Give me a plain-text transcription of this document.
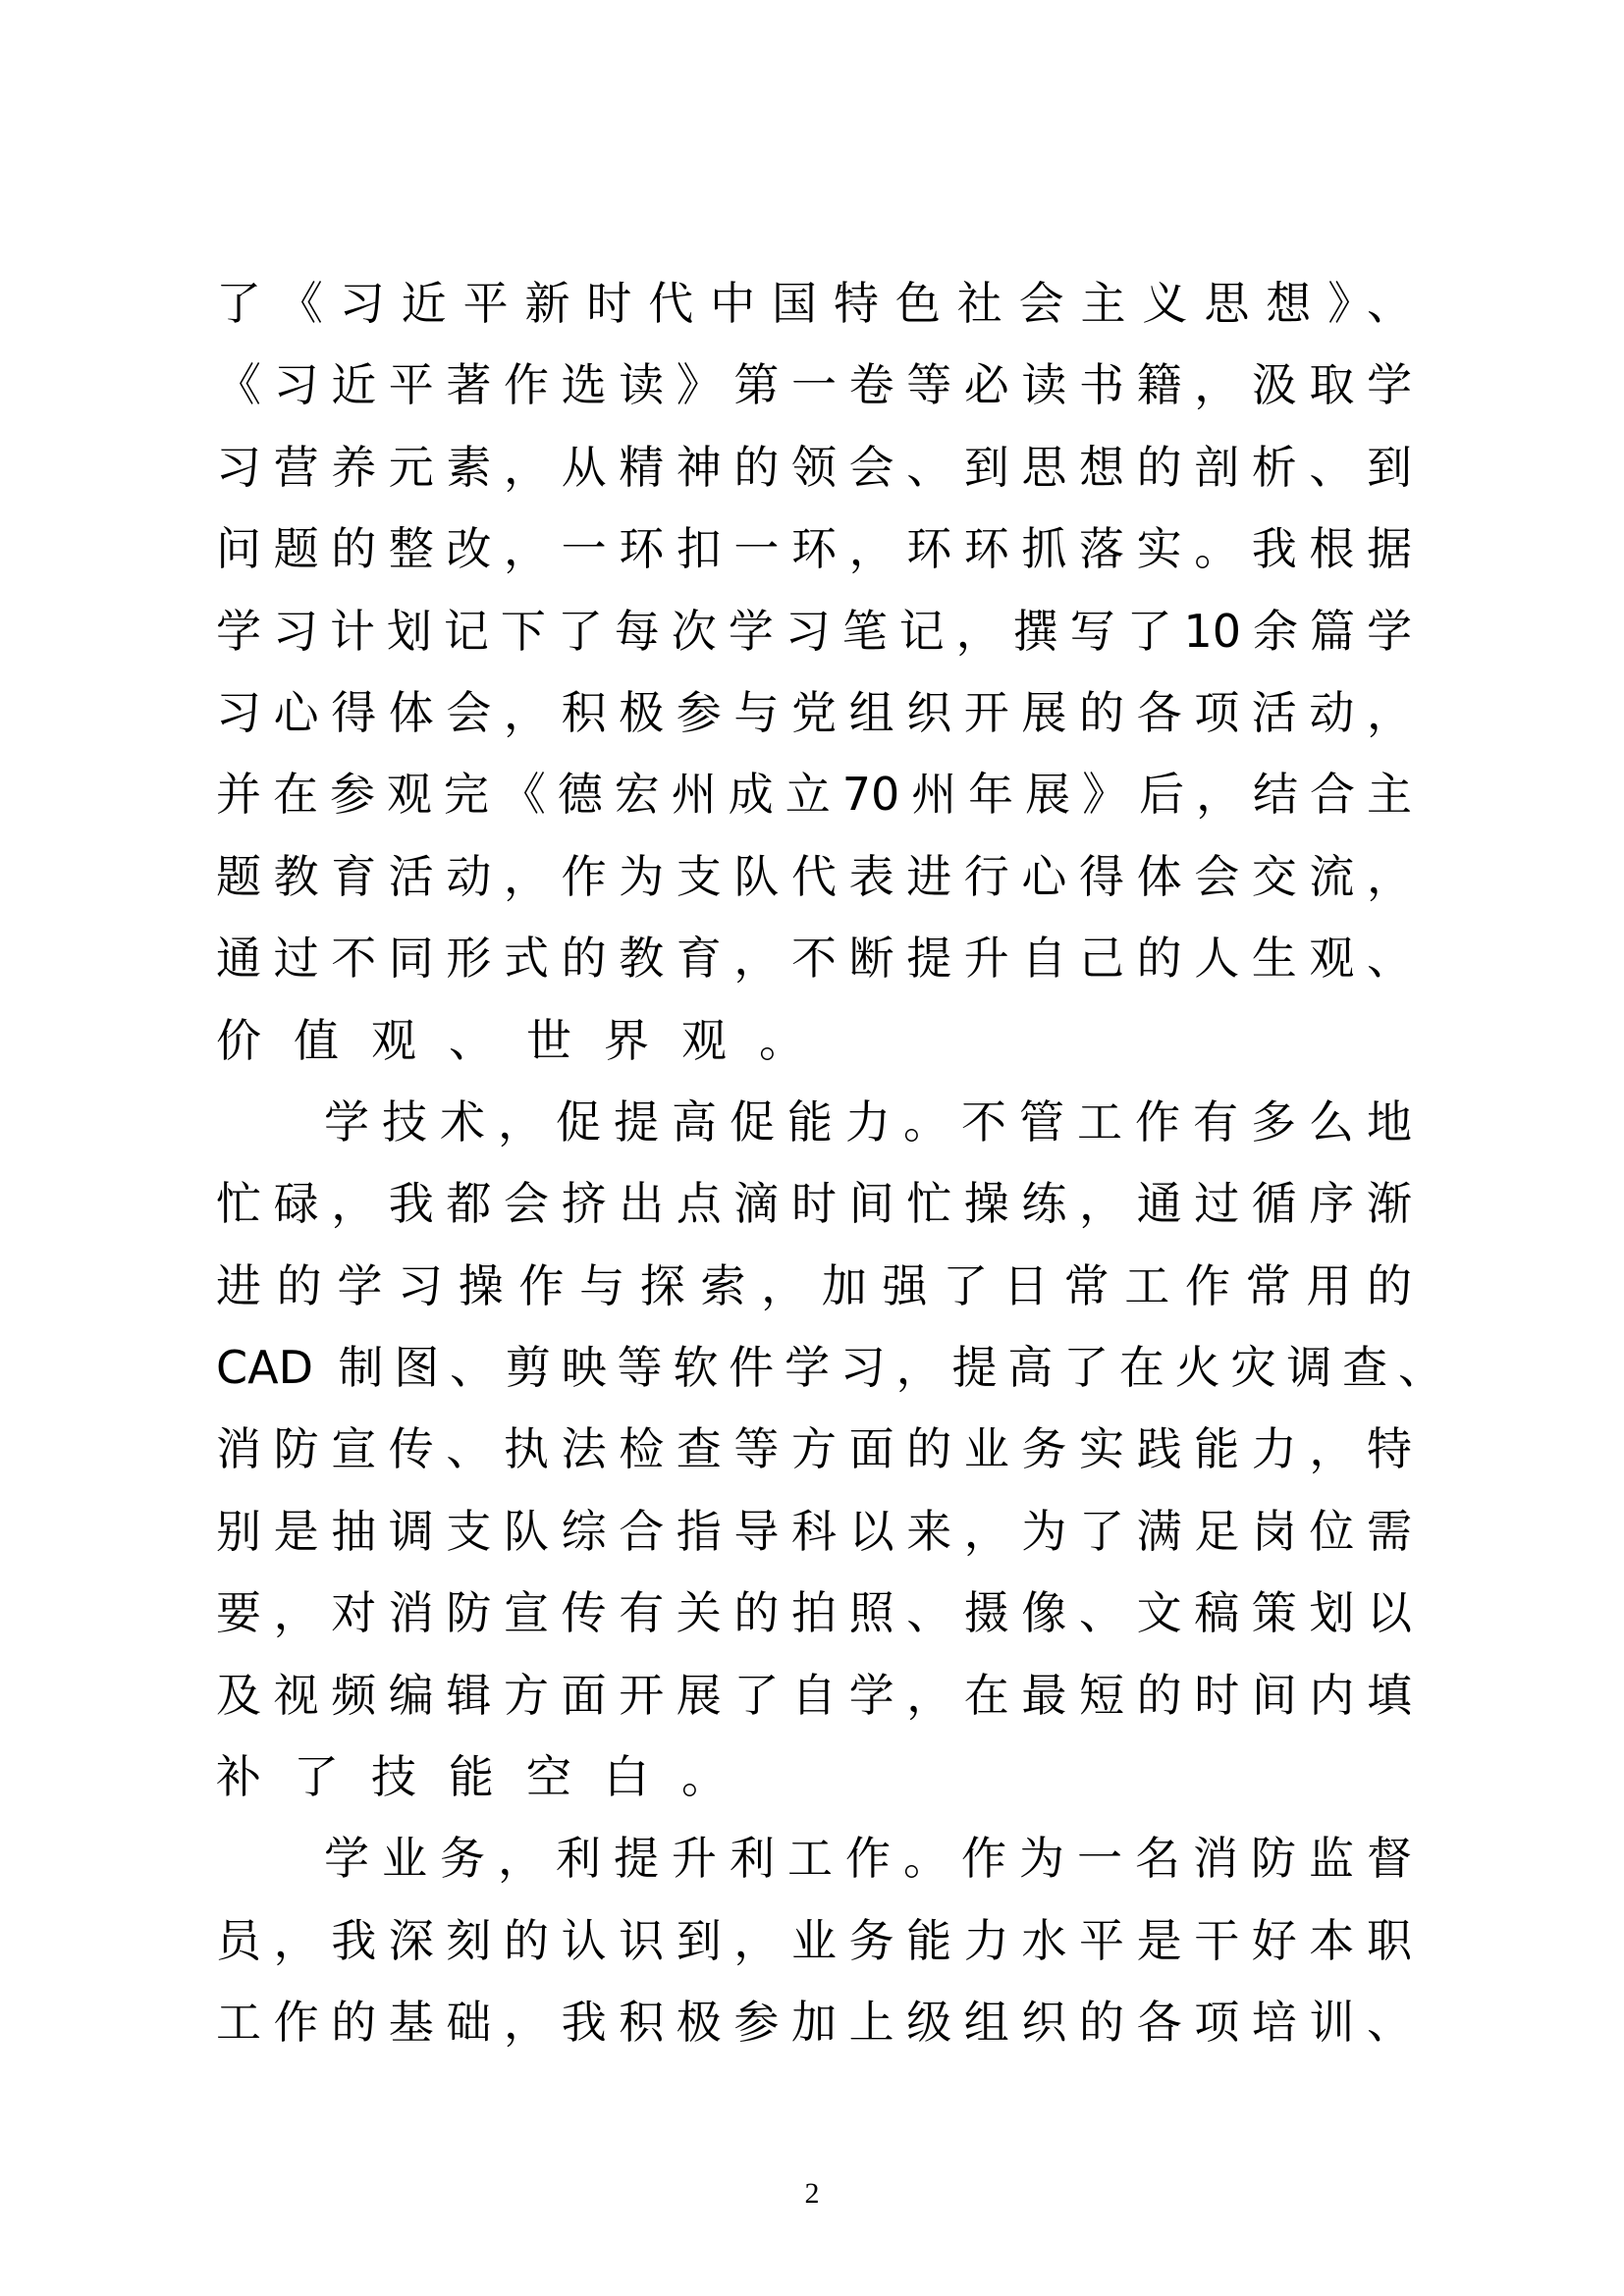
了《习近平新时代中国特色社会主义思想》、
《习近平著作选读》第一卷等必读书籍，汲取学
习营养元素，从精神的领会、到思想的剖析、到
问题的整改，一环扣一环，环环抓落实。我根据
学习计划记下了每次学习笔记，撰写了10余篇学
习心得体会，积极参与党组织开展的各项活动，
并在参观完《德宏州成立70州年展》后，结合主
题教育活动，作为支队代表进行心得体会交流，
通过不同形式的教育，不断提升自己的人生观、
价值观、世界观。
学技术，促提高促能力。不管工作有多么地
忙碌，我都会挤出点滴时间忙操练，通过循序渐
进的学习操作与探索，加强了日常工作常用的
CAD 制图、剪映等软件学习，提高了在火灾调查、
消防宣传、执法检查等方面的业务实践能力，特
别是抽调支队综合指导科以来，为了满足岗位需
要，对消防宣传有关的拍照、摄像、文稿策划以
及视频编辑方面开展了自学，在最短的时间内填
补了技能空白。
学业务，利提升利工作。作为一名消防监督
员，我深刻的认识到，业务能力水平是干好本职
工作的基础，我积极参加上级组织的各项培训、
2
